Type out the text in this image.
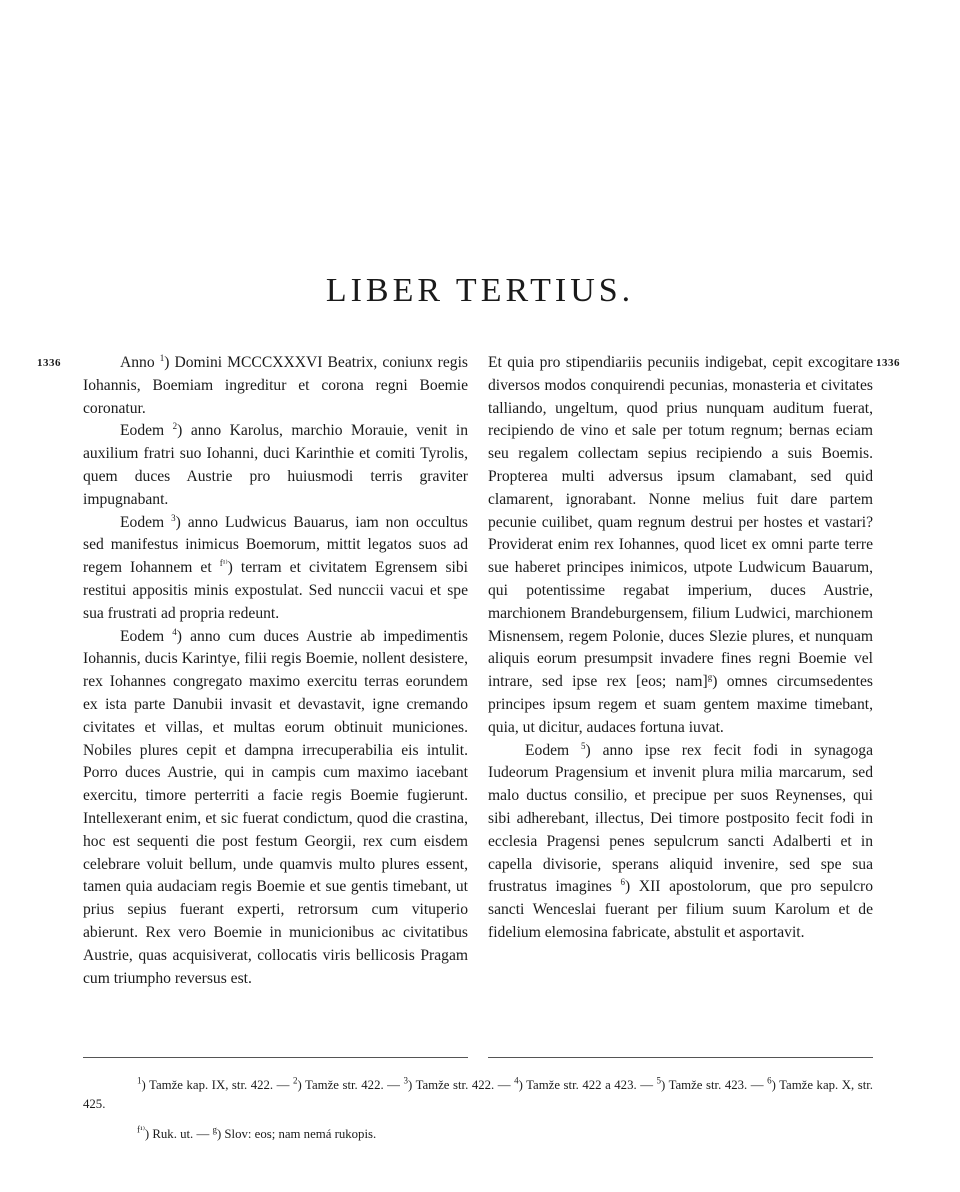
LIBER TERTIUS.
1336	1336

Anno $^1$) Domini MCCCXXXVI Beatrix, coniunx regis Iohannis, Boemiam ingreditur et corona regni Boemie coronatur.

Eodem $^2$) anno Karolus, marchio Morauie, venit in auxilium fratri suo Iohanni, duci Karinthie et comiti Tyrolis, quem duces Austrie pro huiusmodi terris graviter impugnabant.

Eodem $^3$) anno Ludwicus Bauarus, iam non occultus sed manifestus inimicus Boemorum, mittit legatos suos ad regem Iohannem et $^{f^{1)}}$) terram et civitatem Egrensem sibi restitui appositis minis expostulat. Sed nunccii vacui et spe sua frustrati ad propria redeunt.

Eodem $^4$) anno cum duces Austrie ab impedimentis Iohannis, ducis Karintye, filii regis Boemie, nollent desistere, rex Iohannes congregato maximo exercitu terras eorundem ex ista parte Danubii invasit et devastavit, igne cremando civitates et villas, et multas eorum obtinuit municiones. Nobiles plures cepit et dampna irrecuperabilia eis intulit. Porro duces Austrie, qui in campis cum maximo iacebant exercitu, timore perterriti a facie regis Boemie fugierunt. Intellexerant enim, et sic fuerat condictum, quod die crastina, hoc est sequenti die post festum Georgii, rex cum eisdem celebrare voluit bellum, unde quamvis multo plures essent, tamen quia audaciam regis Boemie et sue gentis timebant, ut prius sepius fuerant experti, retrorsum cum vituperio abierunt. Rex vero Boemie in municionibus ac civitatibus Austrie, quas acquisiverat, collocatis viris bellicosis Pragam cum triumpho reversus est.

Et quia pro stipendiariis pecuniis indigebat, cepit excogitare diversos modos conquirendi pecunias, monasteria et civitates talliando, ungeltum, quod prius nunquam auditum fuerat, recipiendo de vino et sale per totum regnum; bernas eciam seu regalem collectam sepius recipiendo a suis Boemis. Propterea multi adversus ipsum clamabant, sed quid clamarent, ignorabant. Nonne melius fuit dare partem pecunie cuilibet, quam regnum destrui per hostes et vastari? Providerat enim rex Iohannes, quod licet ex omni parte terre sue haberet principes inimicos, utpote Ludwicum Bauarum, qui potentissime regabat imperium, duces Austrie, marchionem Brandeburgensem, filium Ludwici, marchionem Misnensem, regem Polonie, duces Slezie plures, et nunquam aliquis eorum presumpsit invadere fines regni Boemie vel intrare, sed ipse rex [eos; nam]$^g$) omnes circumsedentes principes ipsum regem et suam gentem maxime timebant, quia, ut dicitur, audaces fortuna iuvat.

Eodem $^5$) anno ipse rex fecit fodi in synagoga Iudeorum Pragensium et invenit plura milia marcarum, sed malo ductus consilio, et precipue per suos Reynenses, qui sibi adherebant, illectus, Dei timore postposito fecit fodi in ecclesia Pragensi penes sepulcrum sancti Adalberti et in capella divisorie, sperans aliquid invenire, sed spe sua frustratus imagines $^6$) XII apostolorum, que pro sepulcro sancti Wenceslai fuerant per filium suum Karolum et de fidelium elemosina fabricate, abstulit et asportavit.

$^1$) Tamže kap. IX, str. 422. — $^2$) Tamže str. 422. — $^3$) Tamže str. 422. — $^4$) Tamže str. 422 a 423. — $^5$) Tamže str. 423. — $^6$) Tamže kap. X, str. 425.
$^{f^{1)}}$) Ruk. ut. — $^g$) Slov: eos; nam nemá rukopis.
